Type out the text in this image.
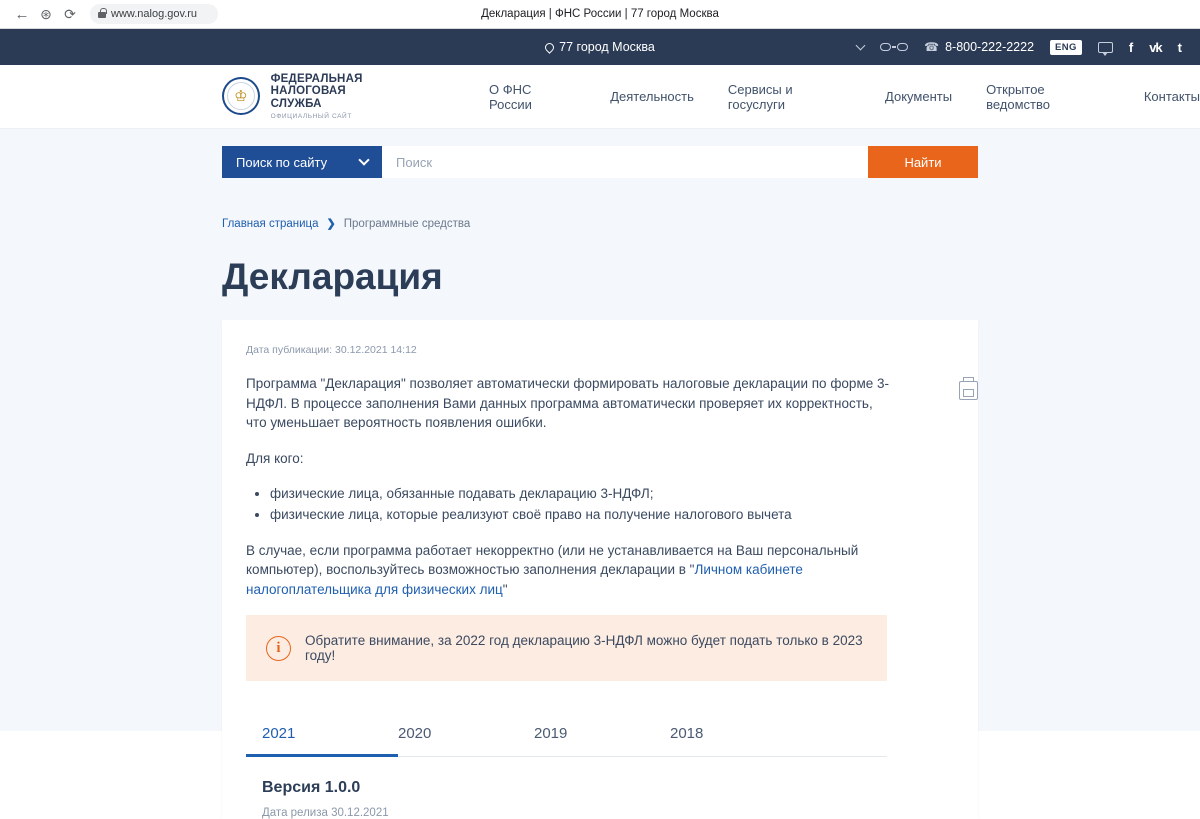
← ⊛ ⟳	www.nalog.gov.ru	Декларация | ФНС России | 77 город Москва
77 город Москва	☎ 8-800-222-2222	ENG	f vk t
♔
ФЕДЕРАЛЬНАЯ
НАЛОГОВАЯ СЛУЖБА
ОФИЦИАЛЬНЫЙ САЙТ
О ФНС России	Деятельность	Сервисы и госуслуги	Документы	Открытое ведомство	Контакты
Поиск по сайту
Поиск	Найти
Главная страница ❯ Программные средства
Декларация
Дата публикации: 30.12.2021 14:12

Программа "Декларация" позволяет автоматически формировать налоговые декларации по форме 3-НДФЛ. В процессе заполнения Вами данных программа автоматически проверяет их корректность, что уменьшает вероятность появления ошибки.

Для кого:

• физические лица, обязанные подавать декларацию 3-НДФЛ;
• физические лица, которые реализуют своё право на получение налогового вычета

В случае, если программа работает некорректно (или не устанавливается на Ваш персональный компьютер), воспользуйтесь возможностью заполнения декларации в "Личном кабинете налогоплательщика для физических лиц"

i	Обратите внимание, за 2022 год декларацию 3-НДФЛ можно будет подать только в 2023 году!
2021	2020	2019	2018
Версия 1.0.0
Дата релиза 30.12.2021
